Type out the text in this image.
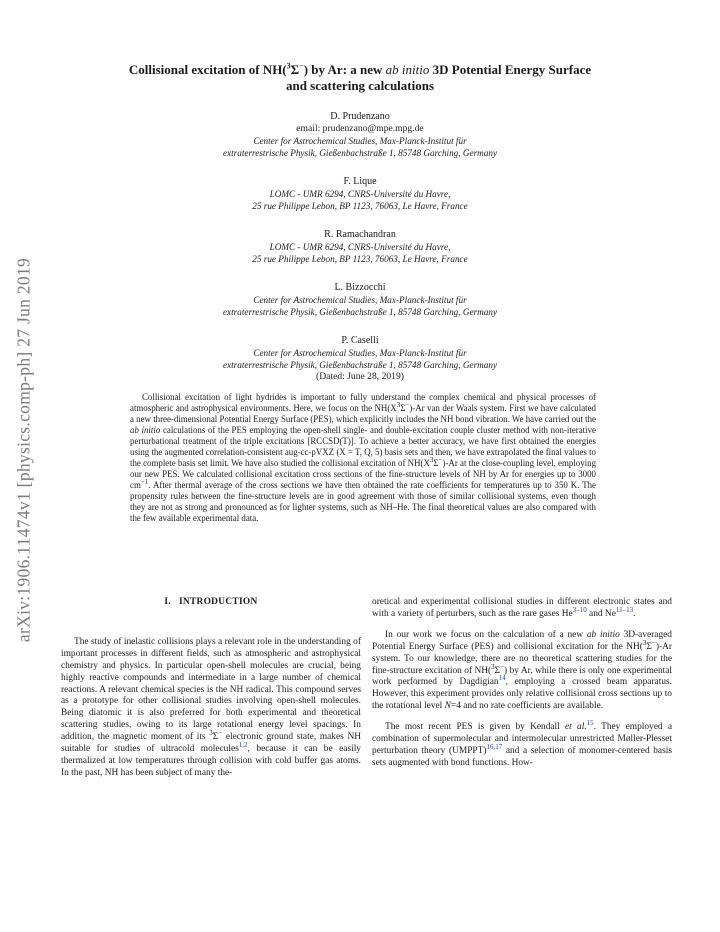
arXiv:1906.11474v1 [physics.comp-ph] 27 Jun 2019
Collisional excitation of NH($^3$Σ−) by Ar: a new ab initio 3D Potential Energy Surface
and scattering calculations
D. Prudenzano
email: prudenzano@mpe.mpg.de
Center for Astrochemical Studies, Max-Planck-Institut für
extraterrestrische Physik, Gießenbachstraße 1, 85748 Garching, Germany
F. Lique
LOMC - UMR 6294, CNRS-Université du Havre,
25 rue Philippe Lebon, BP 1123, 76063, Le Havre, France
R. Ramachandran
LOMC - UMR 6294, CNRS-Université du Havre,
25 rue Philippe Lebon, BP 1123, 76063, Le Havre, France
L. Bizzocchi
Center for Astrochemical Studies, Max-Planck-Institut für
extraterrestrische Physik, Gießenbachstraße 1, 85748 Garching, Germany
P. Caselli
Center for Astrochemical Studies, Max-Planck-Institut für
extraterrestrische Physik, Gießenbachstraße 1, 85748 Garching, Germany
(Dated: June 28, 2019)

Collisional excitation of light hydrides is important to fully understand the complex chemical and physical processes of atmospheric and astrophysical environments. Here, we focus on the $NH(X^3\Sigma^-)-Ar$ van der Waals system. First we have calculated a new three-dimensional Potential Energy Surface (PES), which explicitly includes the NH bond vibration. We have carried out the ab initio calculations of the PES employing the open-shell single- and double-excitation couple cluster method with non-iterative perturbational treatment of the triple excitations [RCCSD(T)]. To achieve a better accuracy, we have first obtained the energies using the augmented correlation-consistent aug-cc-pVXZ (X = T, Q, 5) basis sets and then, we have extrapolated the final values to the complete basis set limit. We have also studied the collisional excitation of $NH(X^3\Sigma^-)-Ar$ at the close-coupling level, employing our new PES. We calculated collisional excitation cross sections of the fine-structure levels of NH by Ar for energies up to 3000 $cm^{-1}$. After thermal average of the cross sections we have then obtained the rate coefficients for temperatures up to 350 K. The propensity rules between the fine-structure levels are in good agreement with those of similar collisional systems, even though they are not as strong and pronounced as for lighter systems, such as NH–He. The final theoretical values are also compared with the few available experimental data.

I. INTRODUCTION

The study of inelastic collisions plays a relevant role in the understanding of important processes in different fields, such as atmospheric and astrophysical chemistry and physics. In particular open-shell molecules are crucial, being highly reactive compounds and intermediate in a large number of chemical reactions. A relevant chemical species is the NH radical. This compound serves as a prototype for other collisional studies involving open-shell molecules. Being diatomic it is also preferred for both experimental and theoretical scattering studies, owing to its large rotational energy level spacings. In addition, the magnetic moment of its $^3$Σ− electronic ground state, makes NH suitable for studies of ultracold molecules$^{1,2}$, because it can be easily thermalized at low temperatures through collision with cold buffer gas atoms. In the past, NH has been subject of many the-

oretical and experimental collisional studies in different electronic states and with a variety of perturbers, such as the rare gases He$^{3-10}$ and Ne$^{11-13}$.

In our work we focus on the calculation of a new ab initio 3D-averaged Potential Energy Surface (PES) and collisional excitation for the NH($^3$Σ−)-Ar system. To our knowledge, there are no theoretical scattering studies for the fine-structure excitation of NH($^3$Σ−) by Ar, while there is only one experimental work performed by Dagdigian$^{14}$, employing a crossed beam apparatus. However, this experiment provides only relative collisional cross sections up to the rotational level N=4 and no rate coefficients are available.

The most recent PES is given by Kendall et al.$^{15}$. They employed a combination of supermolecular and intermolecular unrestricted Møller-Plesset perturbation theory (UMPPT)$^{16,17}$ and a selection of monomer-centered basis sets augmented with bond functions. How-
